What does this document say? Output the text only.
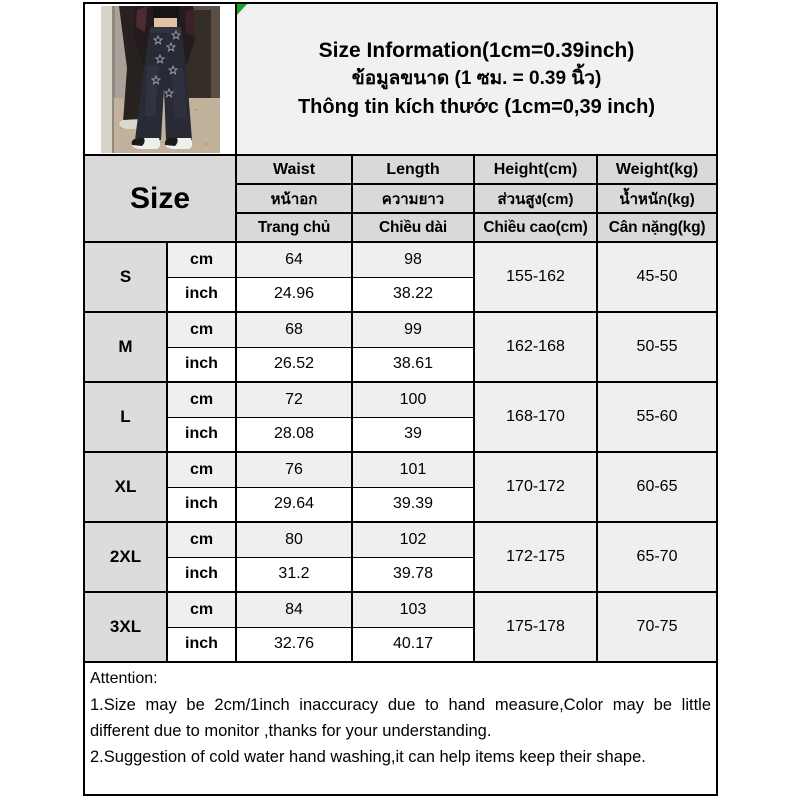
Size Information(1cm=0.39inch)
ข้อมูลขนาด (1 ซม. = 0.39 นิ้ว)
Thông tin kích thước (1cm=0,39 inch)			

Size		Waist	Length	Height(cm)	Weight(kg)
		หน้าอก	ความยาว	ส่วนสูง(cm)	น้ำหนัก(kg)
		Trang chủ	Chiều dài	Chiều cao(cm)	Cân nặng(kg)
S	cm	64	98	155-162	45-50
	inch	24.96	38.22		
M	cm	68	99	162-168	50-55
	inch	26.52	38.61		
L	cm	72	100	168-170	55-60
	inch	28.08	39		
XL	cm	76	101	170-172	60-65
	inch	29.64	39.39		
2XL	cm	80	102	172-175	65-70
	inch	31.2	39.78		
3XL	cm	84	103	175-178	70-75
	inch	32.76	40.17		

Attention:
1.Size may be 2cm/1inch inaccuracy due to hand measure,Color may be little different due to monitor ,thanks for your understanding.
2.Suggestion of cold water hand washing,it can help items keep their shape.					
